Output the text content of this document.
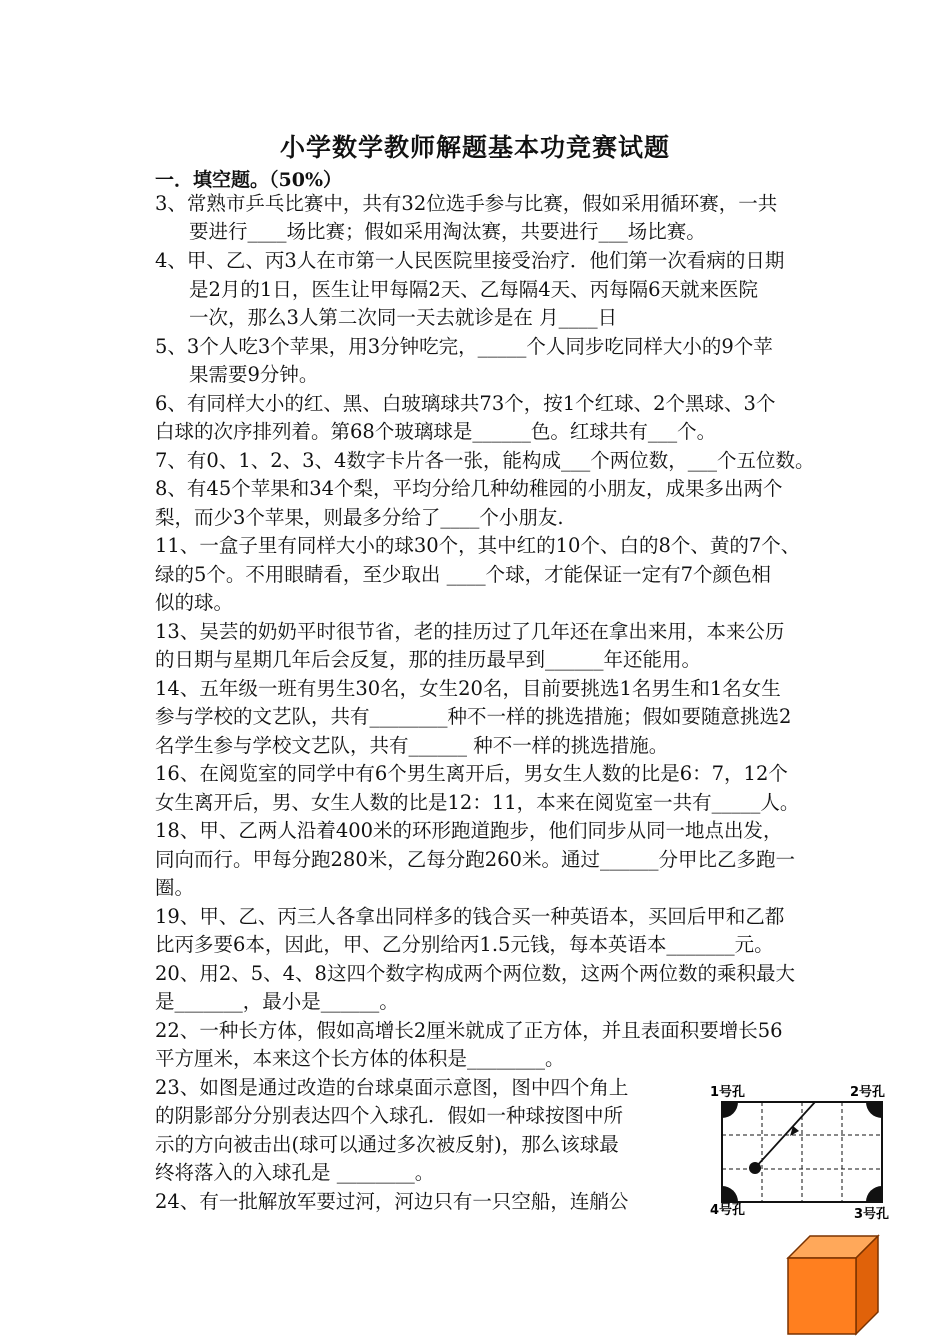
小学数学教师解题基本功竞赛试题
一．填空题。（50%）
3、常熟市乒乓比赛中，共有32位选手参与比赛，假如采用循环赛，一共
要进行____场比赛；假如采用淘汰赛，共要进行___场比赛。
4、甲、乙、丙3人在市第一人民医院里接受治疗．他们第一次看病的日期
是2月的1日，医生让甲每隔2天、乙每隔4天、丙每隔6天就来医院
一次，那么3人第二次同一天去就诊是在 月____日
5、3个人吃3个苹果，用3分钟吃完，_____个人同步吃同样大小的9个苹
果需要9分钟。
6、有同样大小的红、黑、白玻璃球共73个，按1个红球、2个黑球、3个
白球的次序排列着。第68个玻璃球是______色。红球共有___个。
7、有0、1、2、3、4数字卡片各一张，能构成___个两位数，___个五位数。
8、有45个苹果和34个梨，平均分给几种幼稚园的小朋友，成果多出两个
梨，而少3个苹果，则最多分给了____个小朋友.
11、一盒子里有同样大小的球30个，其中红的10个、白的8个、黄的7个、
绿的5个。不用眼睛看，至少取出 ____个球，才能保证一定有7个颜色相
似的球。
13、吴芸的奶奶平时很节省，老的挂历过了几年还在拿出来用，本来公历
的日期与星期几年后会反复，那的挂历最早到______年还能用。
14、五年级一班有男生30名，女生20名，目前要挑选1名男生和1名女生
参与学校的文艺队，共有________种不一样的挑选措施；假如要随意挑选2
名学生参与学校文艺队，共有______ 种不一样的挑选措施。
16、在阅览室的同学中有6个男生离开后，男女生人数的比是6：7，12个
女生离开后，男、女生人数的比是12：11，本来在阅览室一共有_____人。
18、甲、乙两人沿着400米的环形跑道跑步，他们同步从同一地点出发，
同向而行。甲每分跑280米，乙每分跑260米。通过______分甲比乙多跑一
圈。
19、甲、乙、丙三人各拿出同样多的钱合买一种英语本，买回后甲和乙都
比丙多要6本，因此，甲、乙分别给丙1.5元钱，每本英语本_______元。
20、用2、5、4、8这四个数字构成两个两位数，这两个两位数的乘积最大
是_______，最小是______。
22、一种长方体，假如高增长2厘米就成了正方体，并且表面积要增长56
平方厘米，本来这个长方体的体积是________。
23、如图是通过改造的台球桌面示意图，图中四个角上
的阴影部分分别表达四个入球孔．假如一种球按图中所
示的方向被击出(球可以通过多次被反射)，那么该球最
终将落入的入球孔是 ________。
24、有一批解放军要过河，河边只有一只空船，连艄公
1号孔	2号孔
3号孔
4号孔
